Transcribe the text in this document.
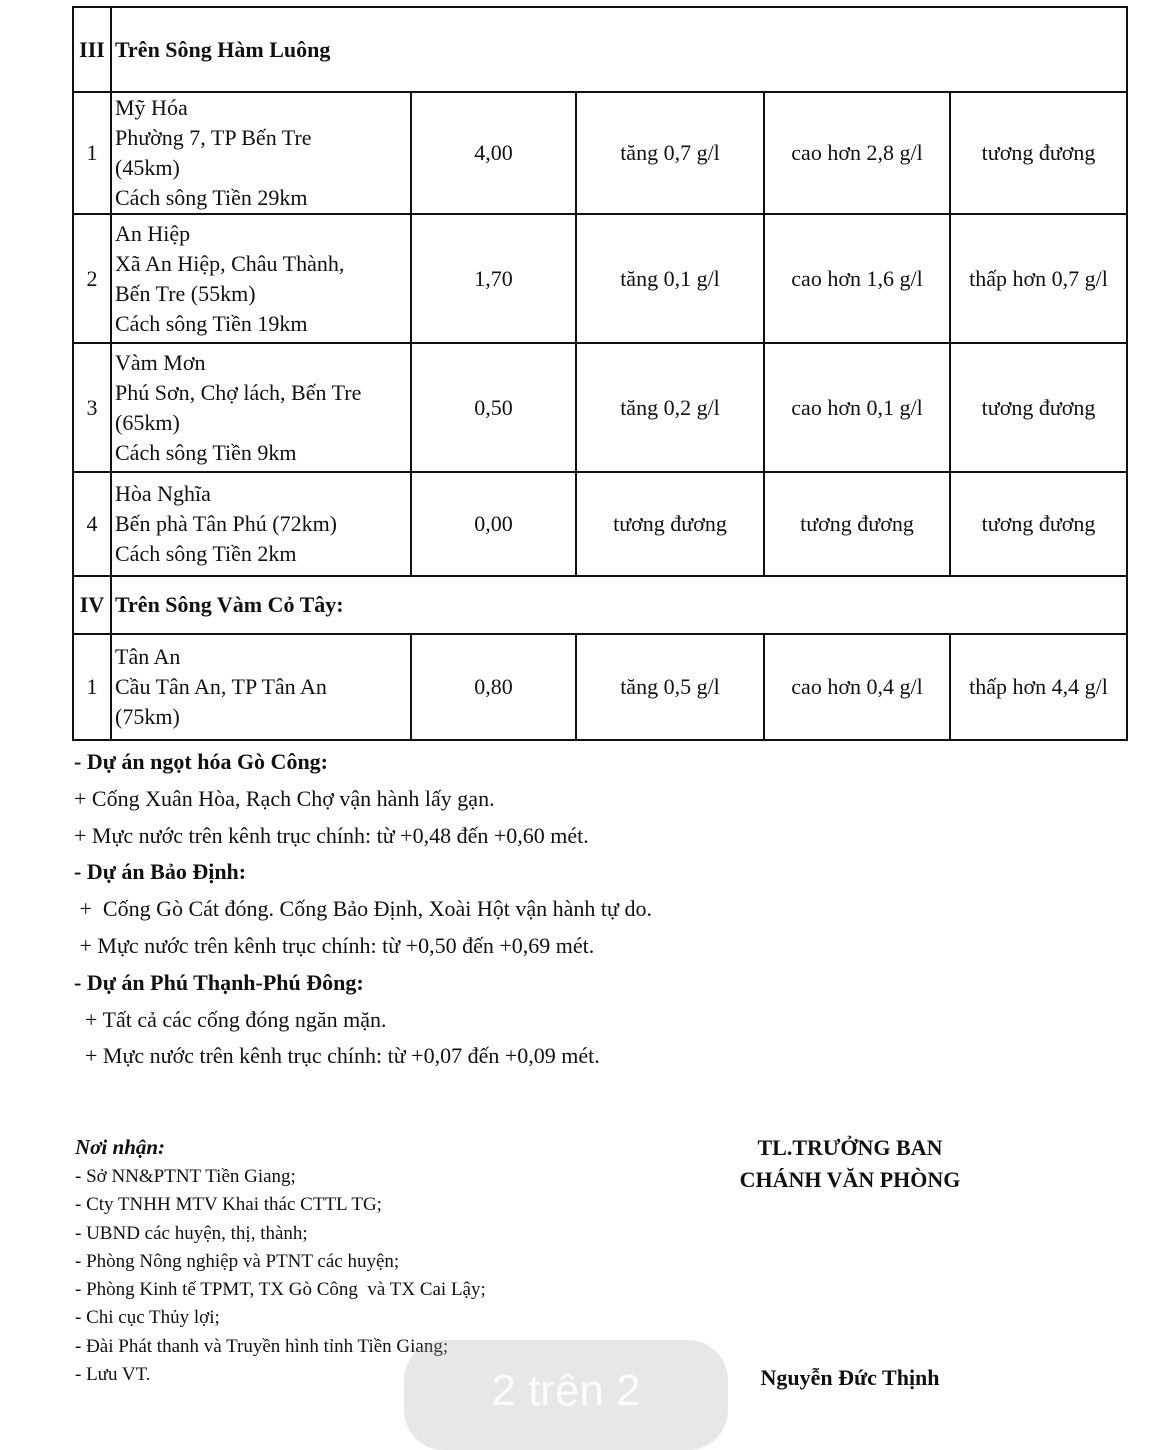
III	Trên Sông Hàm Luông				
1	Mỹ Hóa
Phường 7, TP Bến Tre
(45km)
Cách sông Tiền 29km	4,00	tăng 0,7 g/l	cao hơn 2,8 g/l	tương đương
2	An Hiệp
Xã An Hiệp, Châu Thành,
Bến Tre (55km)
Cách sông Tiền 19km	1,70	tăng 0,1 g/l	cao hơn 1,6 g/l	thấp hơn 0,7 g/l
3	Vàm Mơn
Phú Sơn, Chợ lách, Bến Tre
(65km)
Cách sông Tiền 9km	0,50	tăng 0,2 g/l	cao hơn 0,1 g/l	tương đương
4	Hòa Nghĩa
Bến phà Tân Phú (72km)
Cách sông Tiền 2km	0,00	tương đương	tương đương	tương đương
IV	Trên Sông Vàm Cỏ Tây:				
1	Tân An
Cầu Tân An, TP Tân An
(75km)	0,80	tăng 0,5 g/l	cao hơn 0,4 g/l	thấp hơn 4,4 g/l
- Dự án ngọt hóa Gò Công:
+ Cống Xuân Hòa, Rạch Chợ vận hành lấy gạn.
+ Mực nước trên kênh trục chính: từ +0,48 đến +0,60 mét.
- Dự án Bảo Định:
+  Cống Gò Cát đóng. Cống Bảo Định, Xoài Hột vận hành tự do.
+ Mực nước trên kênh trục chính: từ +0,50 đến +0,69 mét.
- Dự án Phú Thạnh-Phú Đông:
+ Tất cả các cống đóng ngăn mặn.
+ Mực nước trên kênh trục chính: từ +0,07 đến +0,09 mét.
Nơi nhận:
- Sở NN&PTNT Tiền Giang;
- Cty TNHH MTV Khai thác CTTL TG;
- UBND các huyện, thị, thành;
- Phòng Nông nghiệp và PTNT các huyện;
- Phòng Kinh tế TPMT, TX Gò Công  và TX Cai Lậy;
- Chi cục Thủy lợi;
- Đài Phát thanh và Truyền hình tỉnh Tiền Giang;
- Lưu VT.
TL.TRƯỞNG BAN
CHÁNH VĂN PHÒNG
Nguyễn Đức Thịnh
2 trên 2
